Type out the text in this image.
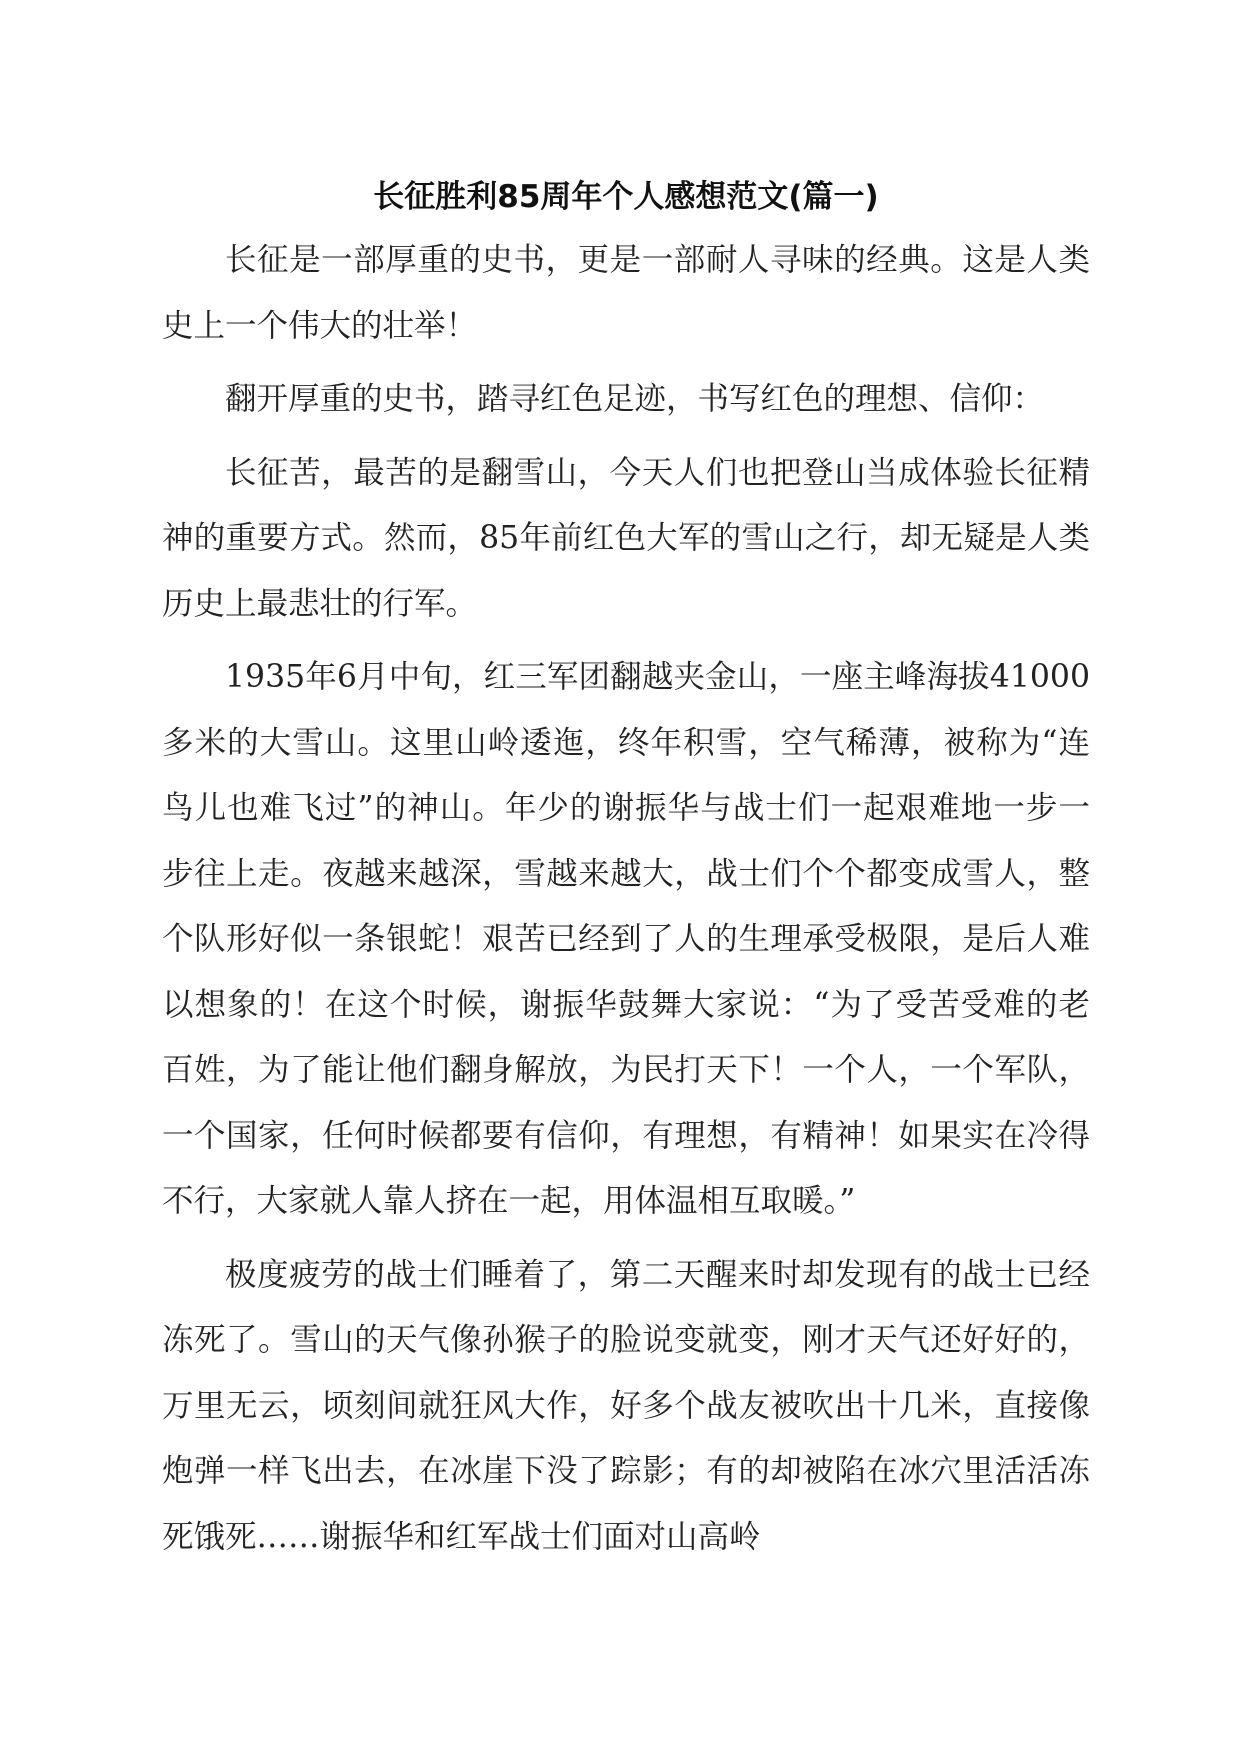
长征胜利85周年个人感想范文(篇一)

长征是一部厚重的史书，更是一部耐人寻味的经典。这是人类史上一个伟大的壮举！

翻开厚重的史书，踏寻红色足迹，书写红色的理想、信仰：

长征苦，最苦的是翻雪山，今天人们也把登山当成体验长征精神的重要方式。然而，85年前红色大军的雪山之行，却无疑是人类历史上最悲壮的行军。

1935年6月中旬，红三军团翻越夹金山，一座主峰海拔41000多米的大雪山。这里山岭逶迤，终年积雪，空气稀薄，被称为“连鸟儿也难飞过”的神山。年少的谢振华与战士们一起艰难地一步一步往上走。夜越来越深，雪越来越大，战士们个个都变成雪人，整个队形好似一条银蛇！艰苦已经到了人的生理承受极限，是后人难以想象的！在这个时候，谢振华鼓舞大家说：“为了受苦受难的老百姓，为了能让他们翻身解放，为民打天下！一个人，一个军队，一个国家，任何时候都要有信仰，有理想，有精神！如果实在冷得不行，大家就人靠人挤在一起，用体温相互取暖。”

极度疲劳的战士们睡着了，第二天醒来时却发现有的战士已经冻死了。雪山的天气像孙猴子的脸说变就变，刚才天气还好好的，万里无云，顷刻间就狂风大作，好多个战友被吹出十几米，直接像炮弹一样飞出去，在冰崖下没了踪影；有的却被陷在冰穴里活活冻死饿死……谢振华和红军战士们面对山高岭
